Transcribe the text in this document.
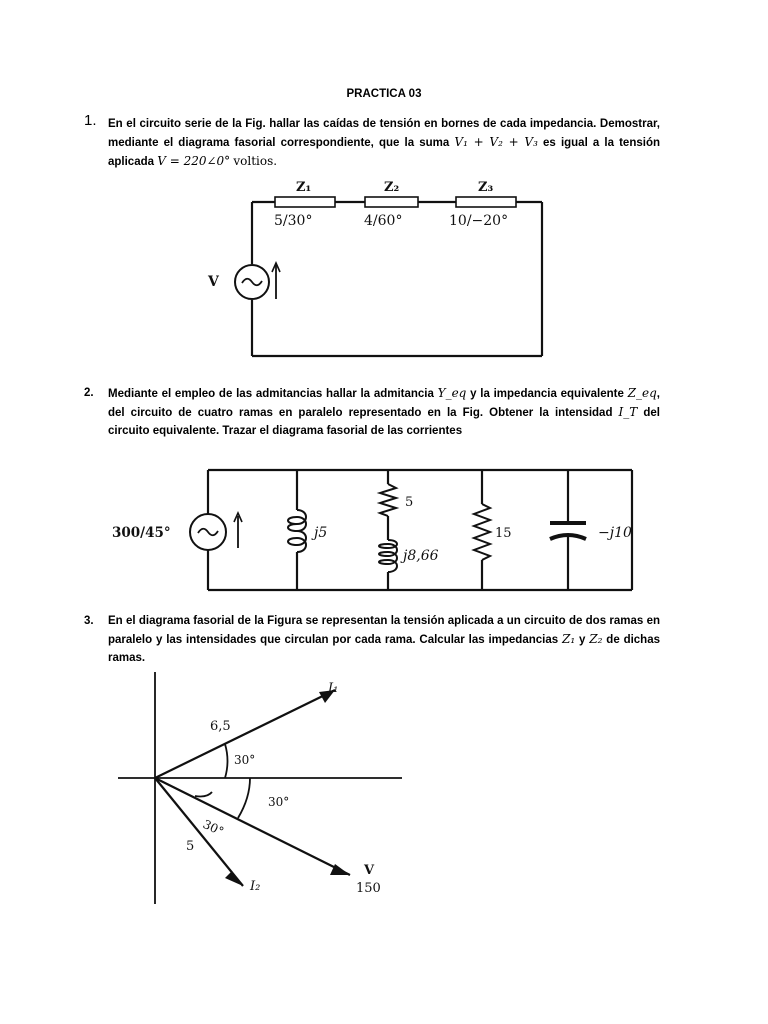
PRACTICA 03
1. En el circuito serie de la Fig. hallar las caídas de tensión en bornes de cada impedancia. Demostrar, mediante el diagrama fasorial correspondiente, que la suma V₁ + V₂ + V₃ es igual a la tensión aplicada V = 220∠0° voltios.
V
Z₁	Z₂	Z₃
5/30°	4/60°	10/−20°
2. Mediante el empleo de las admitancias hallar la admitancia Y_eq y la impedancia equivalente Z_eq, del circuito de cuatro ramas en paralelo representado en la Fig. Obtener la intensidad I_T del circuito equivalente. Trazar el diagrama fasorial de las corrientes
300/45°	j5
5
j8,66
15	−j10
3. En el diagrama fasorial de la Figura se representan la tensión aplicada a un circuito de dos ramas en paralelo y las intensidades que circulan por cada rama. Calcular las impedancias Z₁ y Z₂ de dichas ramas.
I₁
6,5
30°
30°
30°
5
I₂
V
150
